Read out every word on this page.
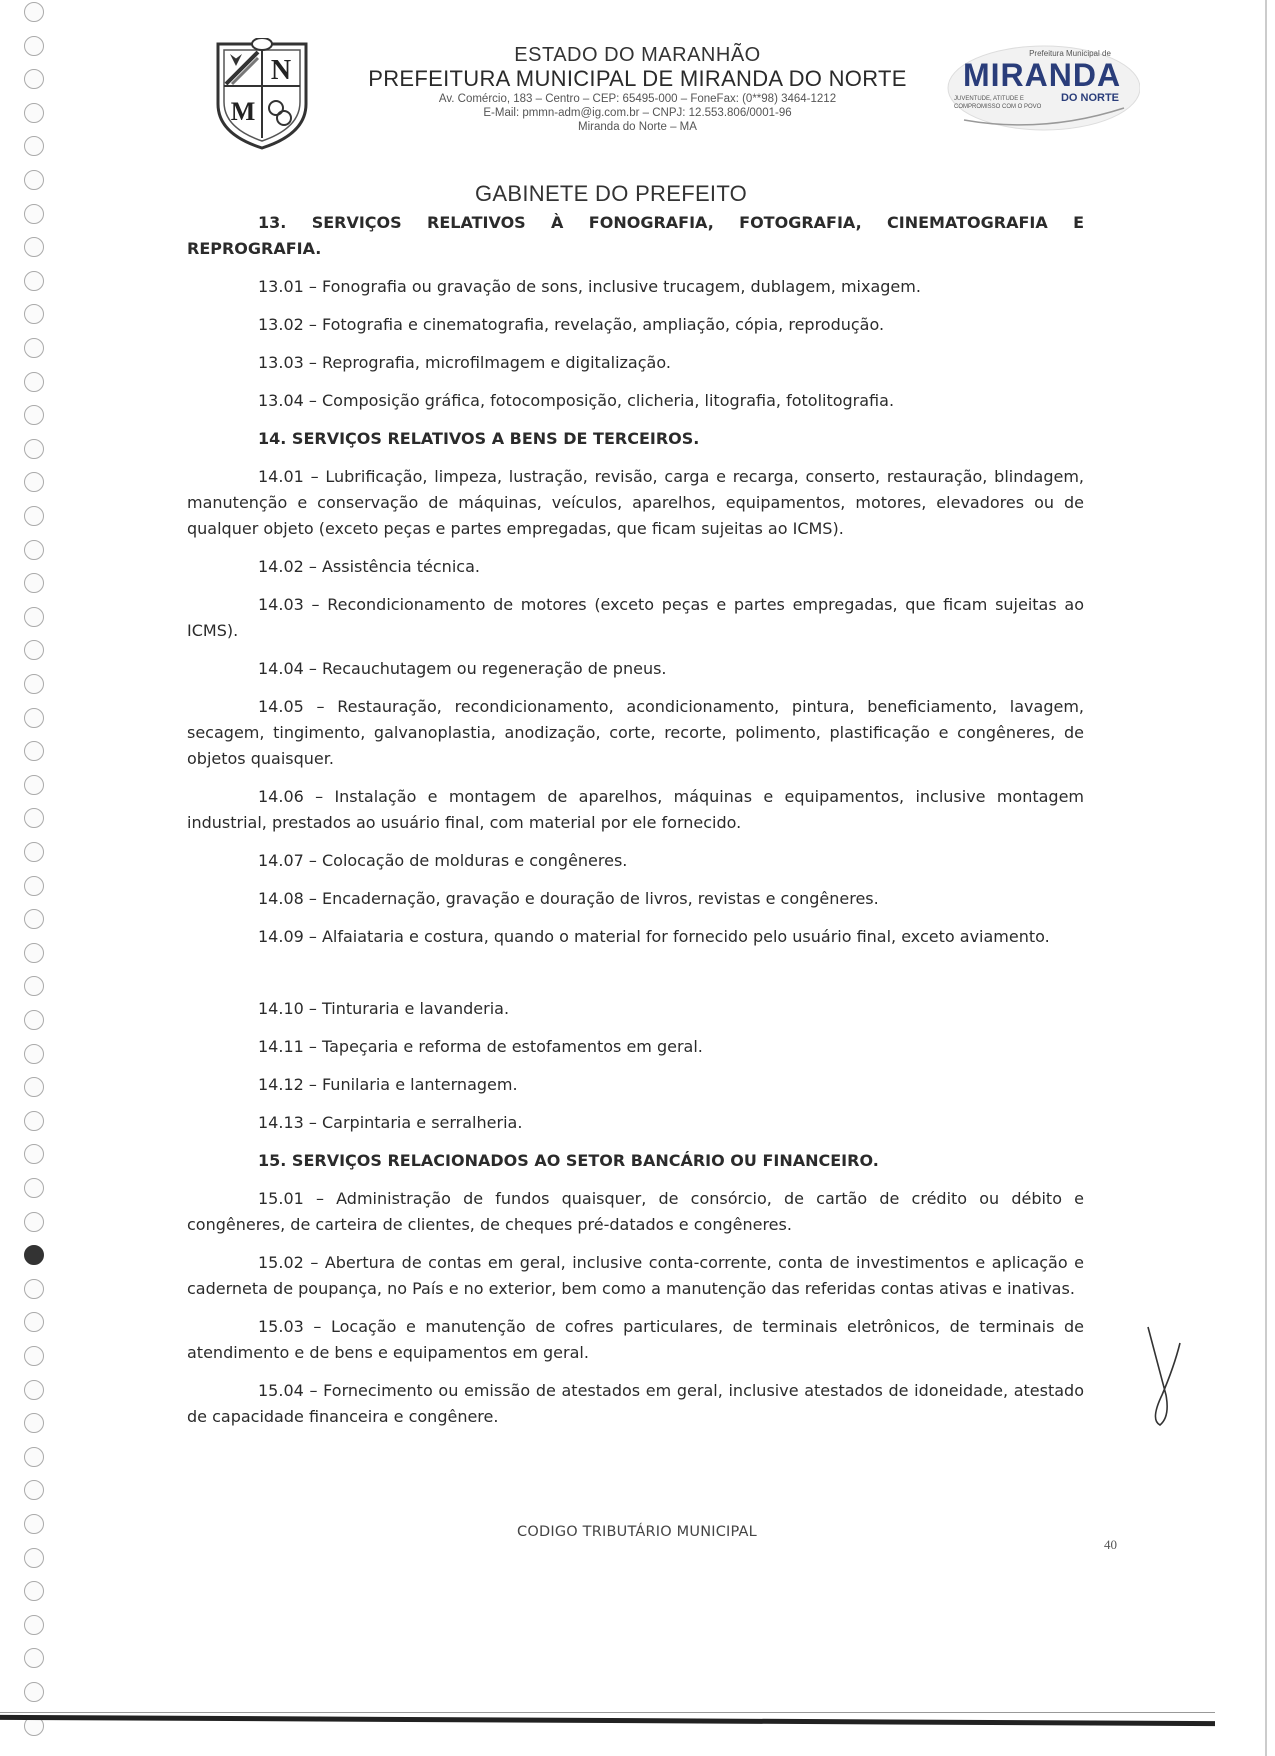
N
M
ESTADO DO MARANHÃO
PREFEITURA MUNICIPAL DE MIRANDA DO NORTE
Av. Comércio, 183 – Centro – CEP: 65495-000 – FoneFax: (0**98) 3464-1212
E-Mail: pmmn-adm@ig.com.br – CNPJ: 12.553.806/0001-96
Miranda do Norte – MA
Prefeitura Municipal de
MIRANDA
DO NORTE
JUVENTUDE, ATITUDE E
COMPROMISSO COM O POVO
GABINETE DO PREFEITO

13. SERVIÇOS RELATIVOS À FONOGRAFIA, FOTOGRAFIA, CINEMATOGRAFIA E REPROGRAFIA.

13.01 – Fonografia ou gravação de sons, inclusive trucagem, dublagem, mixagem.

13.02 – Fotografia e cinematografia, revelação, ampliação, cópia, reprodução.

13.03 – Reprografia, microfilmagem e digitalização.

13.04 – Composição gráfica, fotocomposição, clicheria, litografia, fotolitografia.

14. SERVIÇOS RELATIVOS A BENS DE TERCEIROS.

14.01 – Lubrificação, limpeza, lustração, revisão, carga e recarga, conserto, restauração, blindagem, manutenção e conservação de máquinas, veículos, aparelhos, equipamentos, motores, elevadores ou de qualquer objeto (exceto peças e partes empregadas, que ficam sujeitas ao ICMS).

14.02 – Assistência técnica.

14.03 – Recondicionamento de motores (exceto peças e partes empregadas, que ficam sujeitas ao ICMS).

14.04 – Recauchutagem ou regeneração de pneus.

14.05 – Restauração, recondicionamento, acondicionamento, pintura, beneficiamento, lavagem, secagem, tingimento, galvanoplastia, anodização, corte, recorte, polimento, plastificação e congêneres, de objetos quaisquer.

14.06 – Instalação e montagem de aparelhos, máquinas e equipamentos, inclusive montagem industrial, prestados ao usuário final, com material por ele fornecido.

14.07 – Colocação de molduras e congêneres.

14.08 – Encadernação, gravação e douração de livros, revistas e congêneres.

14.09 – Alfaiataria e costura, quando o material for fornecido pelo usuário final, exceto aviamento.

14.10 – Tinturaria e lavanderia.

14.11 – Tapeçaria e reforma de estofamentos em geral.

14.12 – Funilaria e lanternagem.

14.13 – Carpintaria e serralheria.

15. SERVIÇOS RELACIONADOS AO SETOR BANCÁRIO OU FINANCEIRO.

15.01 – Administração de fundos quaisquer, de consórcio, de cartão de crédito ou débito e congêneres, de carteira de clientes, de cheques pré-datados e congêneres.

15.02 – Abertura de contas em geral, inclusive conta-corrente, conta de investimentos e aplicação e caderneta de poupança, no País e no exterior, bem como a manutenção das referidas contas ativas e inativas.

15.03 – Locação e manutenção de cofres particulares, de terminais eletrônicos, de terminais de atendimento e de bens e equipamentos em geral.

15.04 – Fornecimento ou emissão de atestados em geral, inclusive atestados de idoneidade, atestado de capacidade financeira e congênere.

CODIGO TRIBUTÁRIO MUNICIPAL
40
